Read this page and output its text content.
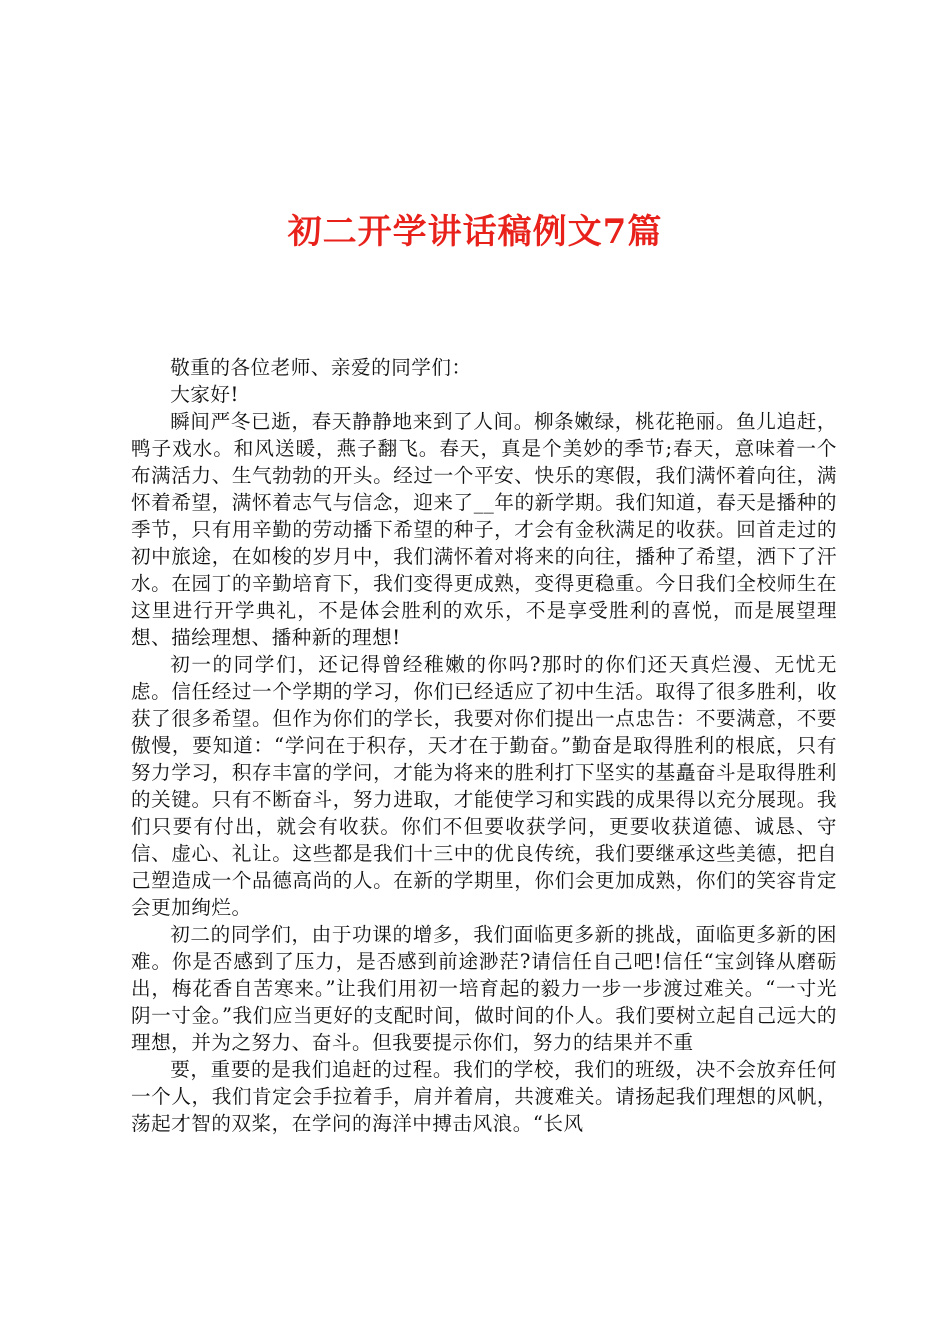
初二开学讲话稿例文7篇

敬重的各位老师、亲爱的同学们：

大家好!

瞬间严冬已逝，春天静静地来到了人间。柳条嫩绿，桃花艳丽。鱼儿追赶，鸭子戏水。和风送暖，燕子翻飞。春天，真是个美妙的季节;春天，意味着一个布满活力、生气勃勃的开头。经过一个平安、快乐的寒假，我们满怀着向往，满怀着希望，满怀着志气与信念，迎来了__年的新学期。我们知道，春天是播种的季节，只有用辛勤的劳动播下希望的种子，才会有金秋满足的收获。回首走过的初中旅途，在如梭的岁月中，我们满怀着对将来的向往，播种了希望，洒下了汗水。在园丁的辛勤培育下，我们变得更成熟，变得更稳重。今日我们全校师生在这里进行开学典礼，不是体会胜利的欢乐，不是享受胜利的喜悦，而是展望理想、描绘理想、播种新的理想!

初一的同学们，还记得曾经稚嫩的你吗?那时的你们还天真烂漫、无忧无虑。信任经过一个学期的学习，你们已经适应了初中生活。取得了很多胜利，收获了很多希望。但作为你们的学长，我要对你们提出一点忠告：不要满意，不要傲慢，要知道：“学问在于积存，天才在于勤奋。”勤奋是取得胜利的根底，只有努力学习，积存丰富的学问，才能为将来的胜利打下坚实的基矗奋斗是取得胜利的关键。只有不断奋斗，努力进取，才能使学习和实践的成果得以充分展现。我们只要有付出，就会有收获。你们不但要收获学问，更要收获道德、诚恳、守信、虚心、礼让。这些都是我们十三中的优良传统，我们要继承这些美德，把自己塑造成一个品德高尚的人。在新的学期里，你们会更加成熟，你们的笑容肯定会更加绚烂。

初二的同学们，由于功课的增多，我们面临更多新的挑战，面临更多新的困难。你是否感到了压力，是否感到前途渺茫?请信任自己吧!信任“宝剑锋从磨砺出，梅花香自苦寒来。”让我们用初一培育起的毅力一步一步渡过难关。“一寸光阴一寸金。”我们应当更好的支配时间，做时间的仆人。我们要树立起自己远大的理想，并为之努力、奋斗。但我要提示你们，努力的结果并不重

要，重要的是我们追赶的过程。我们的学校，我们的班级，决不会放弃任何一个人，我们肯定会手拉着手，肩并着肩，共渡难关。请扬起我们理想的风帆，荡起才智的双桨，在学问的海洋中搏击风浪。“长风
